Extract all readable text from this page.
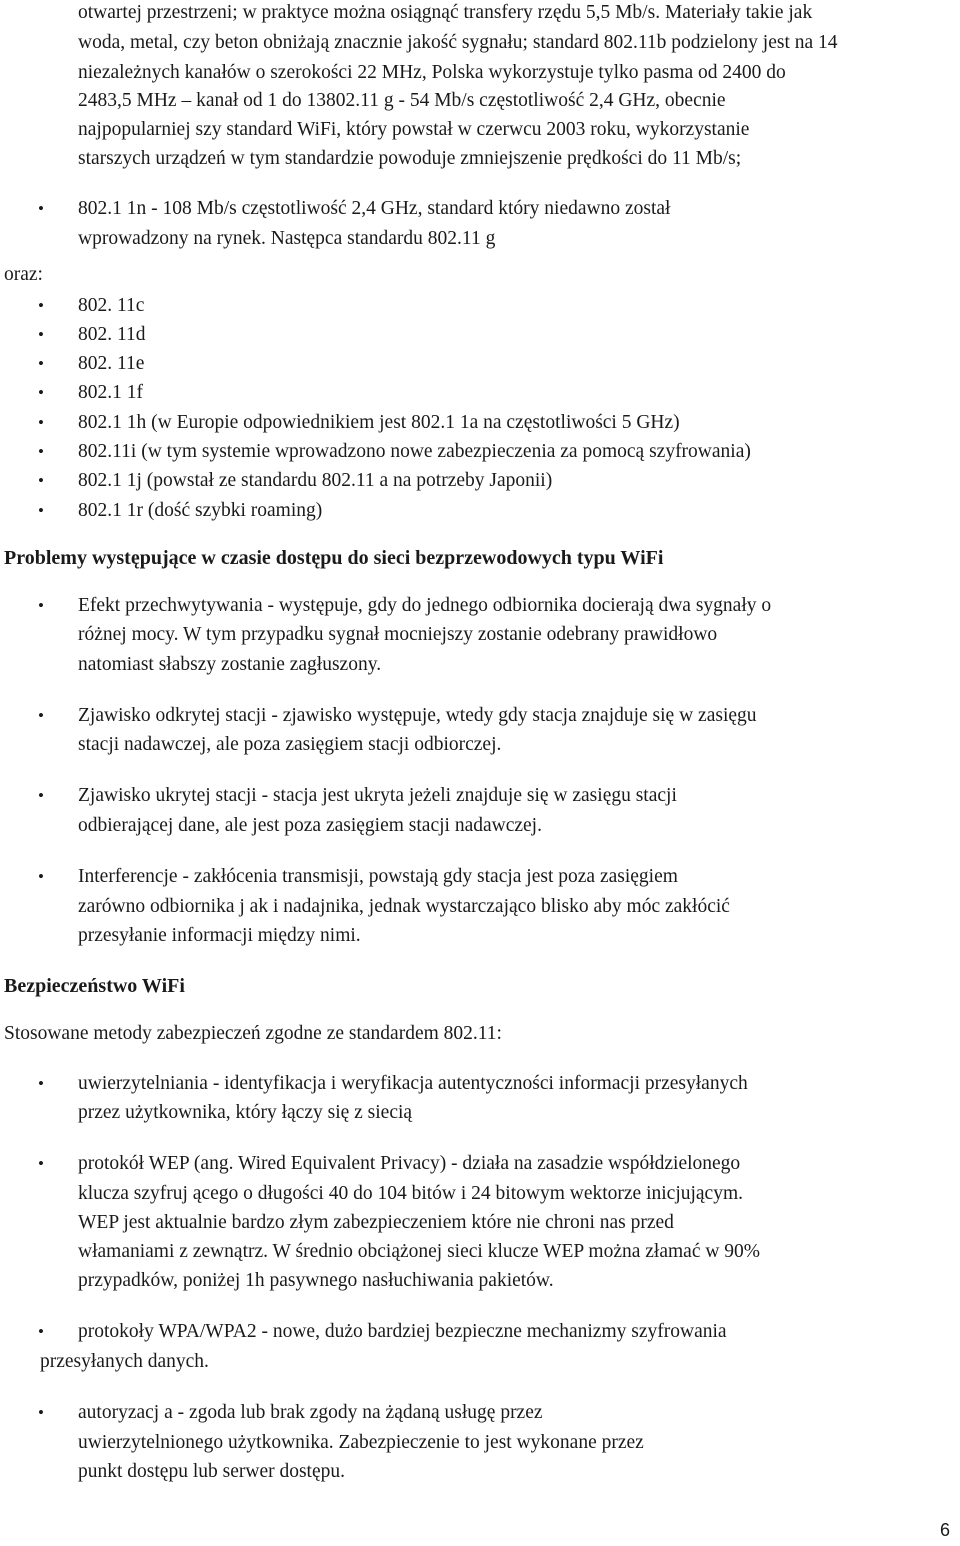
otwartej przestrzeni; w praktyce można osiągnąć transfery rzędu 5,5 Mb/s. Materiały takie jak
woda, metal, czy beton obniżają znacznie jakość sygnału; standard 802.11b podzielony jest na 14
niezależnych kanałów o szerokości 22 MHz, Polska wykorzystuje tylko pasma od 2400 do
2483,5 MHz – kanał od 1 do 13802.11 g - 54 Mb/s częstotliwość 2,4 GHz, obecnie
najpopularniej szy standard WiFi, który powstał w czerwcu 2003 roku, wykorzystanie
starszych urządzeń w tym standardzie powoduje zmniejszenie prędkości do 11 Mb/s;
• 802.1 1n - 108 Mb/s częstotliwość 2,4 GHz, standard który niedawno został
wprowadzony na rynek. Następca standardu 802.11 g
oraz:
• 802. 11c
• 802. 11d
• 802. 11e
• 802.1 1f
• 802.1 1h (w Europie odpowiednikiem jest 802.1 1a na częstotliwości 5 GHz)
• 802.11i (w tym systemie wprowadzono nowe zabezpieczenia za pomocą szyfrowania)
• 802.1 1j (powstał ze standardu 802.11 a na potrzeby Japonii)
• 802.1 1r (dość szybki roaming)
Problemy występujące w czasie dostępu do sieci bezprzewodowych typu WiFi
• Efekt przechwytywania - występuje, gdy do jednego odbiornika docierają dwa sygnały o
różnej mocy. W tym przypadku sygnał mocniejszy zostanie odebrany prawidłowo
natomiast słabszy zostanie zagłuszony.
• Zjawisko odkrytej stacji - zjawisko występuje, wtedy gdy stacja znajduje się w zasięgu
stacji nadawczej, ale poza zasięgiem stacji odbiorczej.
• Zjawisko ukrytej stacji - stacja jest ukryta jeżeli znajduje się w zasięgu stacji
odbierającej dane, ale jest poza zasięgiem stacji nadawczej.
• Interferencje - zakłócenia transmisji, powstają gdy stacja jest poza zasięgiem
zarówno odbiornika j ak i nadajnika, jednak wystarczająco blisko aby móc zakłócić
przesyłanie informacji między nimi.
Bezpieczeństwo WiFi
Stosowane metody zabezpieczeń zgodne ze standardem 802.11:
• uwierzytelniania - identyfikacja i weryfikacja autentyczności informacji przesyłanych
przez użytkownika, który łączy się z siecią
• protokół WEP (ang. Wired Equivalent Privacy) - działa na zasadzie współdzielonego
klucza szyfruj ącego o długości 40 do 104 bitów i 24 bitowym wektorze inicjującym.
WEP jest aktualnie bardzo złym zabezpieczeniem które nie chroni nas przed
włamaniami z zewnątrz. W średnio obciążonej sieci klucze WEP można złamać w 90%
przypadków, poniżej 1h pasywnego nasłuchiwania pakietów.
• protokoły WPA/WPA2 - nowe, dużo bardziej bezpieczne mechanizmy szyfrowania
przesyłanych danych.
• autoryzacj a - zgoda lub brak zgody na żądaną usługę przez
uwierzytelnionego użytkownika. Zabezpieczenie to jest wykonane przez
punkt dostępu lub serwer dostępu.
6
